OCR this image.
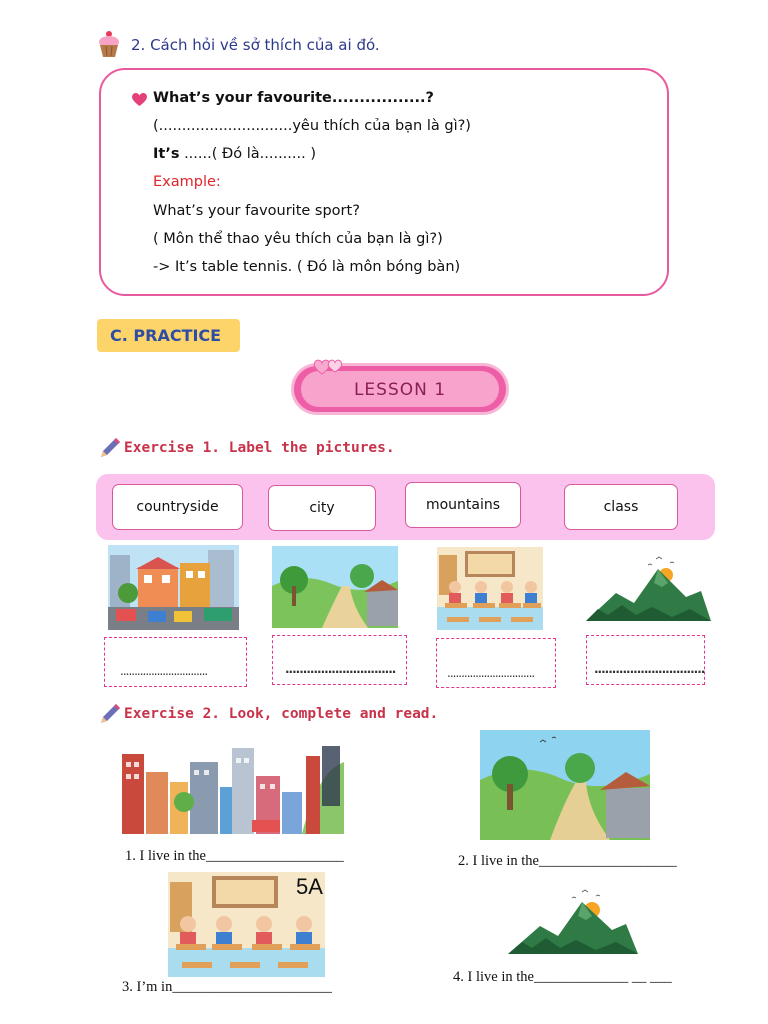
2. Cách hỏi về sở thích của ai đó.
What’s your favourite.................?
(.............................yêu thích của bạn là gì?)
It’s ......( Đó là.......... )
Example:
What’s your favourite sport?
( Môn thể thao yêu thích của bạn là gì?)
-> It’s table tennis. ( Đó là môn bóng bàn)
C. PRACTICE
LESSON 1
Exercise 1. Label the pictures.
countryside	city	mountains	class
...............................	...............................	...............................	...............................
Exercise 2. Look, complete and read.
1. I live in the___________________	2. I live in the___________________
5A
3. I’m in______________________
4. I live in the_____________ __ ___
